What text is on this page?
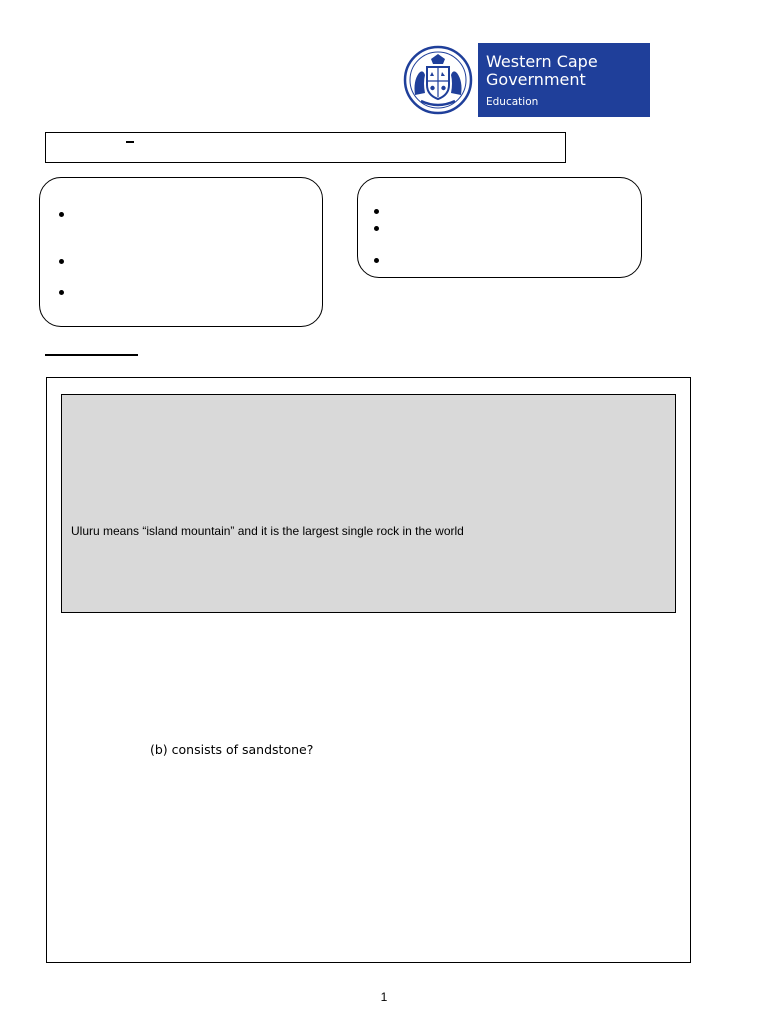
Western Cape
Government
Education
Uluru means “island mountain” and it is the largest single rock in the world
(b) consists of sandstone?
1
